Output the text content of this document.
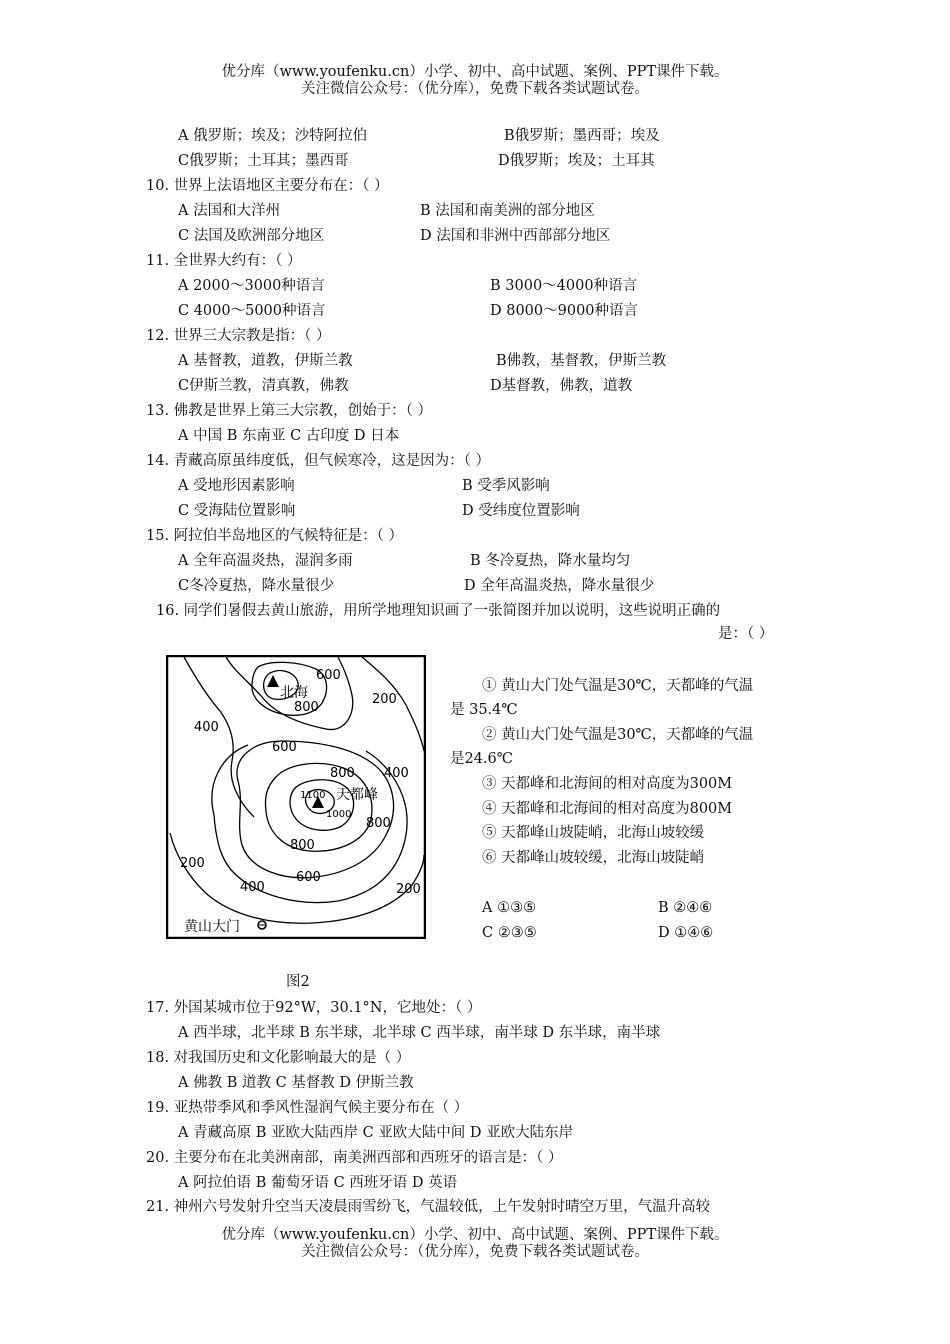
优分库（www.youfenku.cn）小学、初中、高中试题、案例、PPT课件下载。
关注微信公众号：（优分库），免费下载各类试题试卷。
A 俄罗斯；埃及；沙特阿拉伯	B俄罗斯；墨西哥；埃及
C俄罗斯；土耳其；墨西哥	D俄罗斯；埃及；土耳其
10. 世界上法语地区主要分布在：（ ）
A 法国和大洋州	B 法国和南美洲的部分地区
C 法国及欧洲部分地区	D 法国和非洲中西部部分地区
11. 全世界大约有：（ ）
A 2000～3000种语言	B 3000～4000种语言
C 4000～5000种语言	D 8000～9000种语言
12. 世界三大宗教是指：（ ）
A 基督教，道教，伊斯兰教	B佛教，基督教，伊斯兰教
C伊斯兰教，清真教，佛教	D基督教，佛教，道教
13. 佛教是世界上第三大宗教，创始于：（ ）
A 中国 B 东南亚 C 古印度 D 日本
14. 青藏高原虽纬度低，但气候寒冷，这是因为：（ ）
A 受地形因素影响	B 受季风影响
C 受海陆位置影响	D 受纬度位置影响
15. 阿拉伯半岛地区的气候特征是：（ ）
A 全年高温炎热，湿润多雨	B 冬冷夏热，降水量均匀
C冬冷夏热，降水量很少	D 全年高温炎热，降水量很少
16. 同学们暑假去黄山旅游，用所学地理知识画了一张简图并加以说明，这些说明正确的
是：（ ）
600
北海
800
200
400
600
800 400
1100 天都峰
1000
800
800
200
600
400	200
黄山大门
① 黄山大门处气温是30℃，天都峰的气温
是 35.4℃
② 黄山大门处气温是30℃，天都峰的气温
是24.6℃
③ 天都峰和北海间的相对高度为300M
④ 天都峰和北海间的相对高度为800M
⑤ 天都峰山坡陡峭，北海山坡较缓
⑥ 天都峰山坡较缓，北海山坡陡峭
A ①③⑤	B ②④⑥
C ②③⑤	D ①④⑥
图2
17. 外国某城市位于92°W，30.1°N，它地处：（ ）
A 西半球，北半球 B 东半球，北半球 C 西半球，南半球 D 东半球，南半球
18. 对我国历史和文化影响最大的是（ ）
A 佛教 B 道教 C 基督教 D 伊斯兰教
19. 亚热带季风和季风性湿润气候主要分布在（ ）
A 青藏高原 B 亚欧大陆西岸 C 亚欧大陆中间 D 亚欧大陆东岸
20. 主要分布在北美洲南部，南美洲西部和西班牙的语言是：（ ）
A 阿拉伯语 B 葡萄牙语 C 西班牙语 D 英语
21. 神州六号发射升空当天凌晨雨雪纷飞，气温较低，上午发射时晴空万里，气温升高较
优分库（www.youfenku.cn）小学、初中、高中试题、案例、PPT课件下载。
关注微信公众号：（优分库），免费下载各类试题试卷。
